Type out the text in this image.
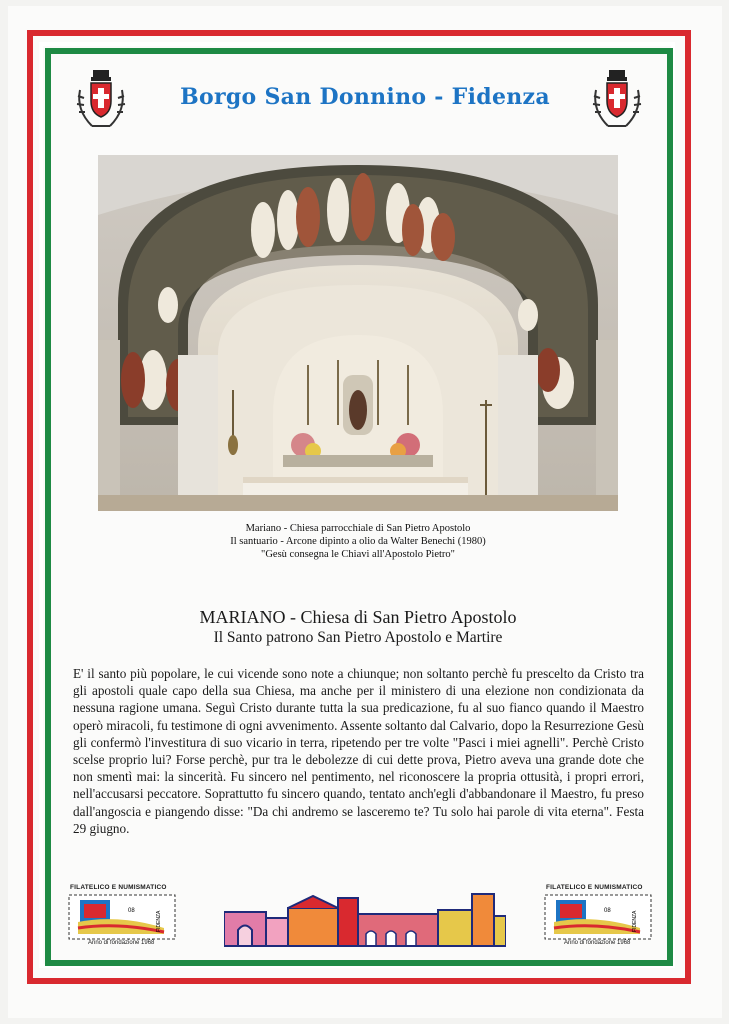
Borgo San Donnino - Fidenza
Mariano - Chiesa parrocchiale di San Pietro Apostolo
Il santuario - Arcone dipinto a olio da Walter Benechi (1980)
"Gesù consegna le Chiavi all'Apostolo Pietro"
MARIANO - Chiesa di San Pietro Apostolo
Il Santo patrono San Pietro Apostolo e Martire
E' il santo più popolare, le cui vicende sono note a chiunque; non soltanto perchè fu prescelto da Cristo tra gli apostoli quale capo della sua Chiesa, ma anche per il ministero di una elezione non condizionata da nessuna ragione umana. Seguì Cristo durante tutta la sua predicazione, fu al suo fianco quando il Maestro operò miracoli, fu testimone di ogni avvenimento. Assente soltanto dal Calvario, dopo la Resurrezione Gesù gli confermò l'investitura di suo vicario in terra, ripetendo per tre volte "Pasci i miei agnelli". Perchè Cristo scelse proprio lui? Forse perchè, pur tra le debolezze di cui dette prova, Pietro aveva una grande dote che non smentì mai: la sincerità. Fu sincero nel pentimento, nel riconoscere la propria ottusità, i propri errori, nell'accusarsi peccatore. Soprattutto fu sincero quando, tentato anch'egli d'abbandonare il Maestro, fu preso dall'angoscia e piangendo disse: "Da chi andremo se lasceremo te? Tu solo hai parole di vita eterna". Festa 29 giugno.
FILATELICO E NUMISMATICO
08	FIDENZA
Anno di fondazione 1968
FILATELICO E NUMISMATICO
08	FIDENZA
Anno di fondazione 1968
